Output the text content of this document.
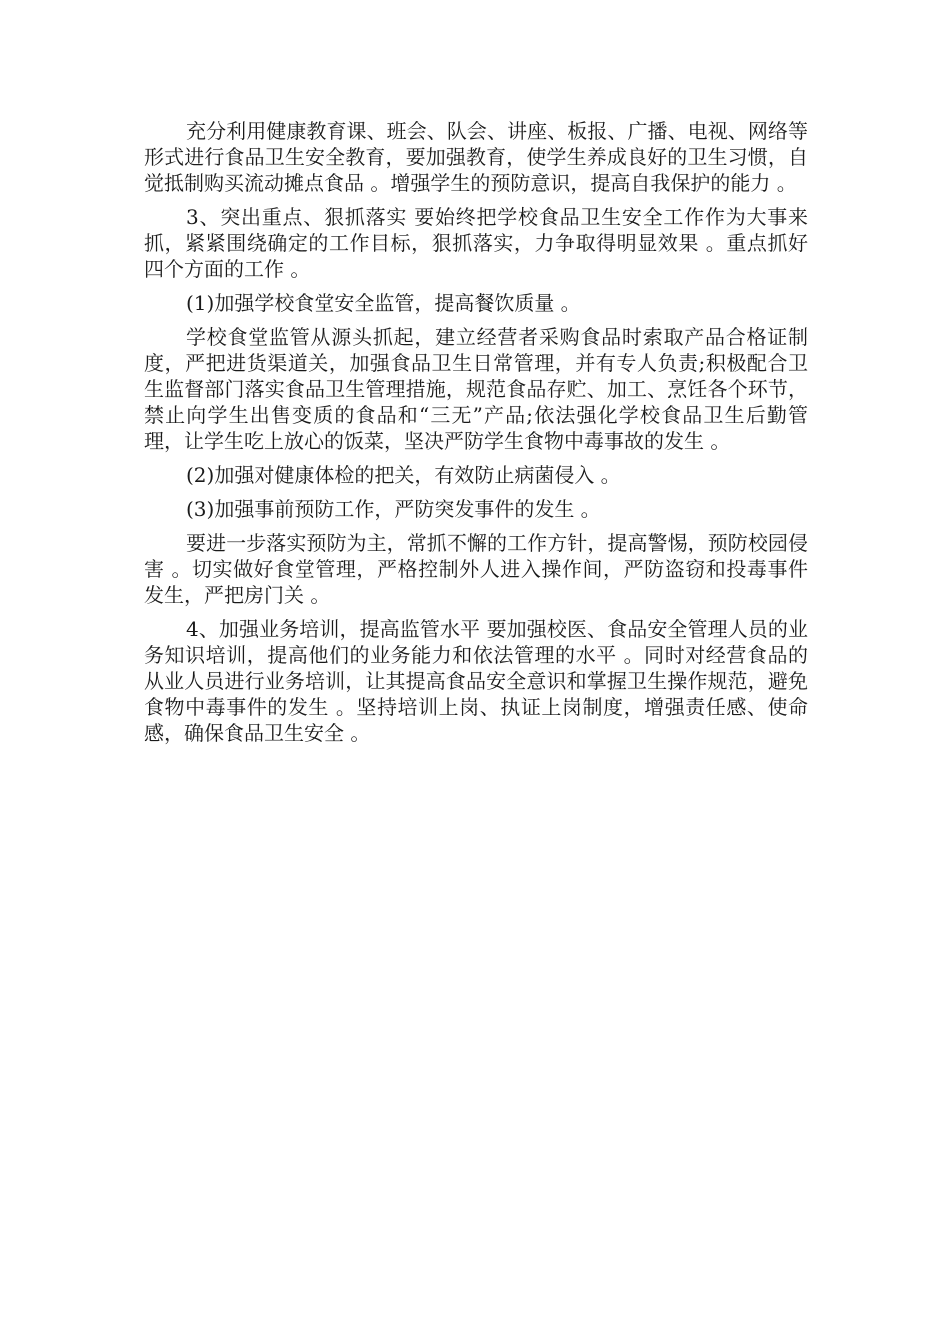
充分利用健康教育课、班会、队会、讲座、板报、广播、电视、网络等形式进行食品卫生安全教育，要加强教育，使学生养成良好的卫生习惯，自觉抵制购买流动摊点食品 。增强学生的预防意识，提高自我保护的能力 。

3、突出重点、狠抓落实 要始终把学校食品卫生安全工作作为大事来抓，紧紧围绕确定的工作目标，狠抓落实，力争取得明显效果 。重点抓好四个方面的工作 。

(1)加强学校食堂安全监管，提高餐饮质量 。

学校食堂监管从源头抓起，建立经营者采购食品时索取产品合格证制度，严把进货渠道关，加强食品卫生日常管理，并有专人负责;积极配合卫生监督部门落实食品卫生管理措施，规范食品存贮、加工、烹饪各个环节，禁止向学生出售变质的食品和“三无”产品;依法强化学校食品卫生后勤管理，让学生吃上放心的饭菜，坚决严防学生食物中毒事故的发生 。

(2)加强对健康体检的把关，有效防止病菌侵入 。

(3)加强事前预防工作，严防突发事件的发生 。

要进一步落实预防为主，常抓不懈的工作方针，提高警惕，预防校园侵害 。切实做好食堂管理，严格控制外人进入操作间，严防盗窃和投毒事件发生，严把房门关 。

4、加强业务培训，提高监管水平 要加强校医、食品安全管理人员的业务知识培训，提高他们的业务能力和依法管理的水平 。同时对经营食品的从业人员进行业务培训，让其提高食品安全意识和掌握卫生操作规范，避免食物中毒事件的发生 。坚持培训上岗、执证上岗制度，增强责任感、使命感，确保食品卫生安全 。
